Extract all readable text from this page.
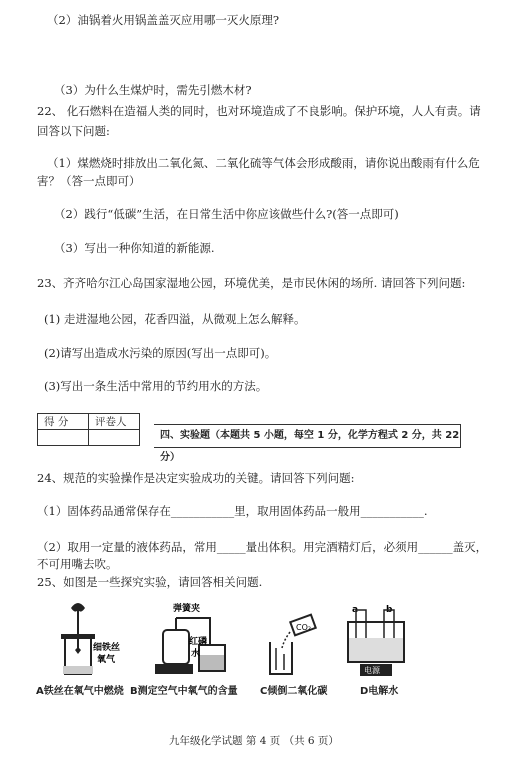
（2）油锅着火用锅盖盖灭应用哪一灭火原理?
（3）为什么生煤炉时，需先引燃木材?
22、 化石燃料在造福人类的同时，也对环境造成了不良影响。保护环境，人人有责。请
回答以下问题:
（1）煤燃烧时排放出二氧化氮、二氧化硫等气体会形成酸雨，请你说出酸雨有什么危
害？（答一点即可）
（2）践行“低碳”生活，在日常生活中你应该做些什么?(答一点即可)
（3）写出一种你知道的新能源.
23、齐齐哈尔江心岛国家湿地公园，环境优美，是市民休闲的场所. 请回答下列问题:
(1) 走进湿地公园，花香四溢，从微观上怎么解释。
(2)请写出造成水污染的原因(写出一点即可)。
(3)写出一条生活中常用的节约用水的方法。
得 分	评卷人

四、实验题（本题共 5 小题，每空 1 分，化学方程式 2 分，共 22 分）
24、规范的实验操作是决定实验成功的关键。请回答下列问题:
（1）固体药品通常保存在___________里，取用固体药品一般用___________.
（2）取用一定量的液体药品，常用_____量出体积。用完酒精灯后，必须用______盖灭，
不可用嘴去吹。
25、如图是一些探究实验，请回答相关问题.
细铁丝
氧气
弹簧夹
红磷
水
CO₂
a	b
电源
A铁丝在氧气中燃烧 B测定空气中氧气的含量 C倾倒二氧化碳	D电解水
九年级化学试题 第 4 页 （共 6 页）
